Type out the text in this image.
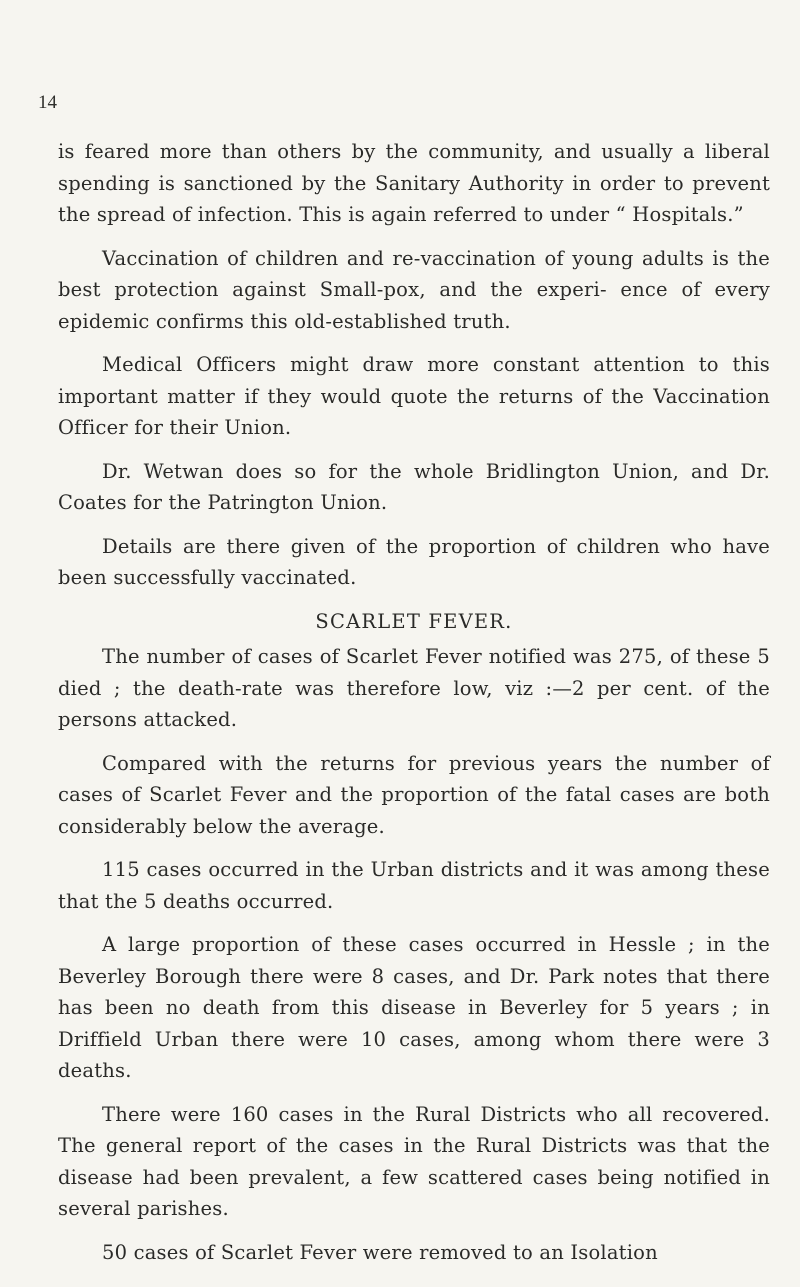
14

is feared more than others by the community, and usually a liberal spending is sanctioned by the Sanitary Authority in order to prevent the spread of infection. This is again referred to under “ Hospitals.”

Vaccination of children and re-vaccination of young adults is the best protection against Small-pox, and the experi- ence of every epidemic confirms this old-established truth.

Medical Officers might draw more constant attention to this important matter if they would quote the returns of the Vaccination Officer for their Union.

Dr. Wetwan does so for the whole Bridlington Union, and Dr. Coates for the Patrington Union.

Details are there given of the proportion of children who have been successfully vaccinated.

SCARLET FEVER.

The number of cases of Scarlet Fever notified was 275, of these 5 died ; the death-rate was therefore low, viz :—2 per cent. of the persons attacked.

Compared with the returns for previous years the number of cases of Scarlet Fever and the proportion of the fatal cases are both considerably below the average.

115 cases occurred in the Urban districts and it was among these that the 5 deaths occurred.

A large proportion of these cases occurred in Hessle ; in the Beverley Borough there were 8 cases, and Dr. Park notes that there has been no death from this disease in Beverley for 5 years ; in Driffield Urban there were 10 cases, among whom there were 3 deaths.

There were 160 cases in the Rural Districts who all recovered. The general report of the cases in the Rural Districts was that the disease had been prevalent, a few scattered cases being notified in several parishes.

50 cases of Scarlet Fever were removed to an Isolation
